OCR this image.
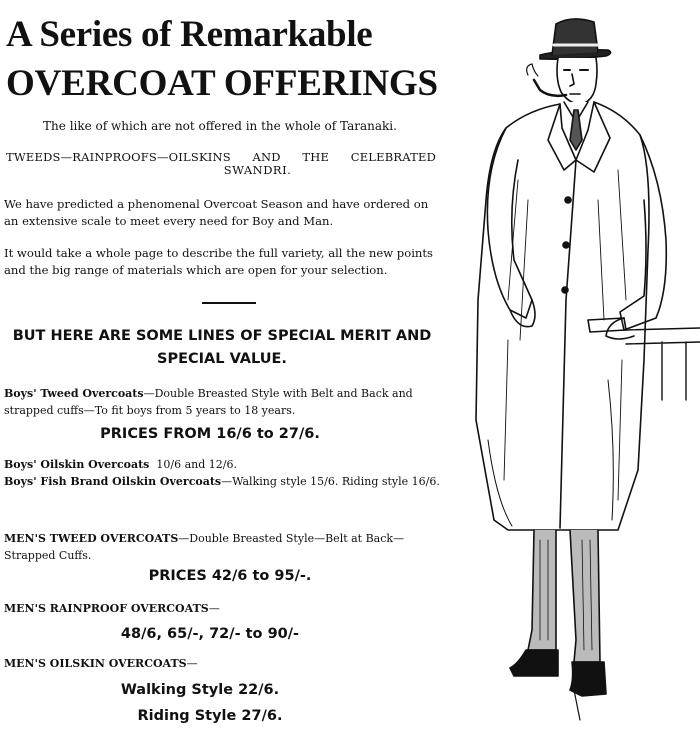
A Series of Remarkable

OVERCOAT OFFERINGS

The like of which are not offered in the whole of Taranaki.

TWEEDS—RAINPROOFS—OILSKINS AND THE CELEBRATED

SWANDRI.

We have predicted a phenomenal Overcoat Season and have ordered on an extensive scale to meet every need for Boy and Man.

It would take a whole page to describe the full variety, all the new points and the big range of materials which are open for your selection.

BUT HERE ARE SOME LINES OF SPECIAL MERIT AND
SPECIAL VALUE.

Boys' Tweed Overcoats—Double Breasted Style with Belt and Back and strapped cuffs—To fit boys from 5 years to 18 years.

PRICES FROM 16/6 to 27/6.

Boys' Oilskin Overcoats 10/6 and 12/6.

Boys' Fish Brand Oilskin Overcoats—Walking style 15/6. Riding style 16/6.

MEN'S TWEED OVERCOATS—Double Breasted Style—Belt at Back—Strapped Cuffs.

PRICES 42/6 to 95/-.

MEN'S RAINPROOF OVERCOATS—

48/6, 65/-, 72/- to 90/-

MEN'S OILSKIN OVERCOATS—

Walking Style 22/6.

Riding Style 27/6.
